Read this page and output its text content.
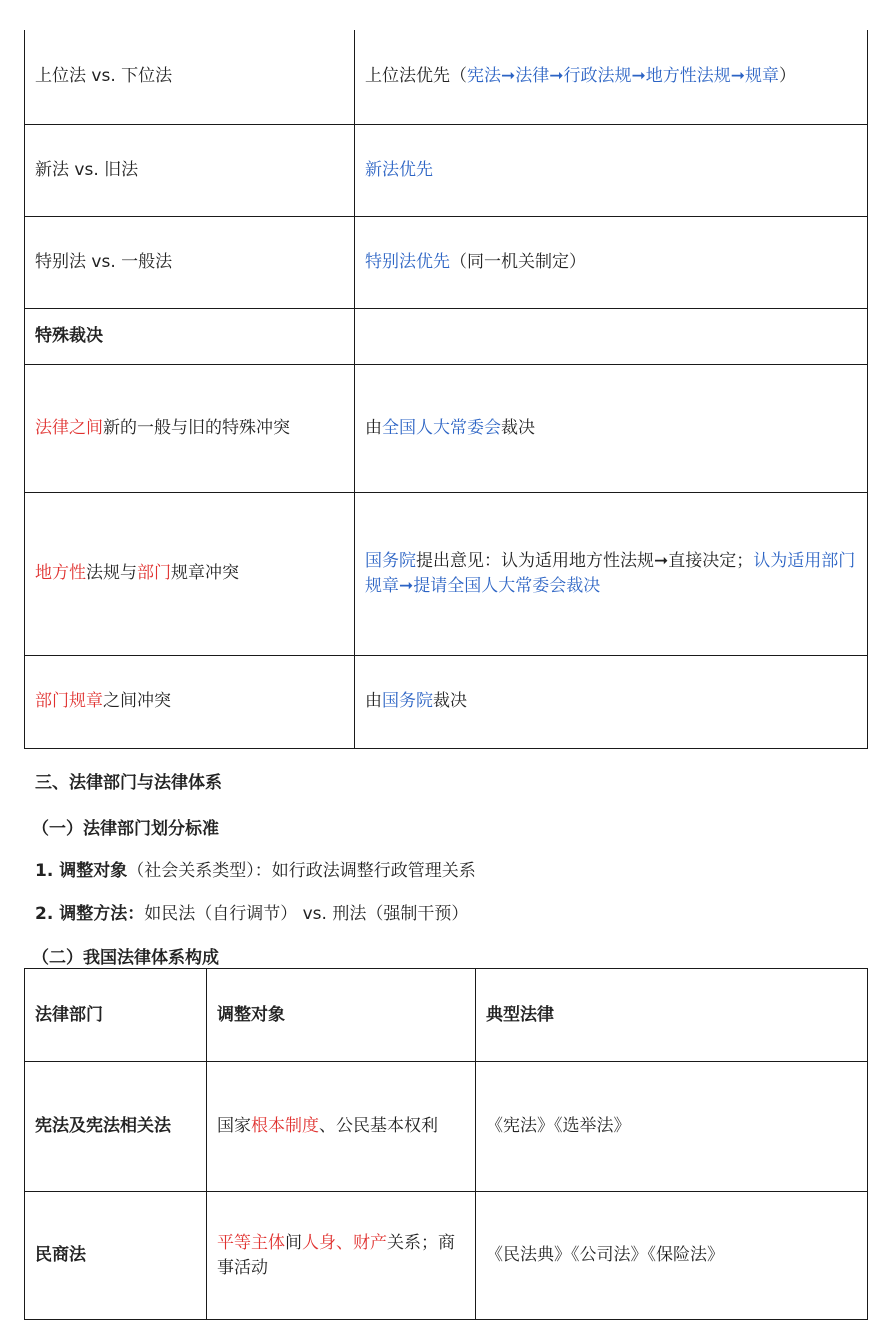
上位法 vs. 下位法	上位法优先（宪法➞法律➞行政法规➞地方性法规➞规章）
新法 vs. 旧法	新法优先
特别法 vs. 一般法	特别法优先（同一机关制定）
特殊裁决	
法律之间新的一般与旧的特殊冲突	由全国人大常委会裁决
地方性法规与部门规章冲突	国务院提出意见：认为适用地方性法规➞直接决定；认为适用部门规章➞提请全国人大常委会裁决
部门规章之间冲突	由国务院裁决
三、法律部门与法律体系
（一）法律部门划分标准
1. 调整对象（社会关系类型）：如行政法调整行政管理关系
2. 调整方法：如民法（自行调节） vs. 刑法（强制干预）
（二）我国法律体系构成
法律部门	调整对象	典型法律
宪法及宪法相关法	国家根本制度、公民基本权利	《宪法》《选举法》
民商法	平等主体间人身、财产关系；商事活动	《民法典》《公司法》《保险法》
